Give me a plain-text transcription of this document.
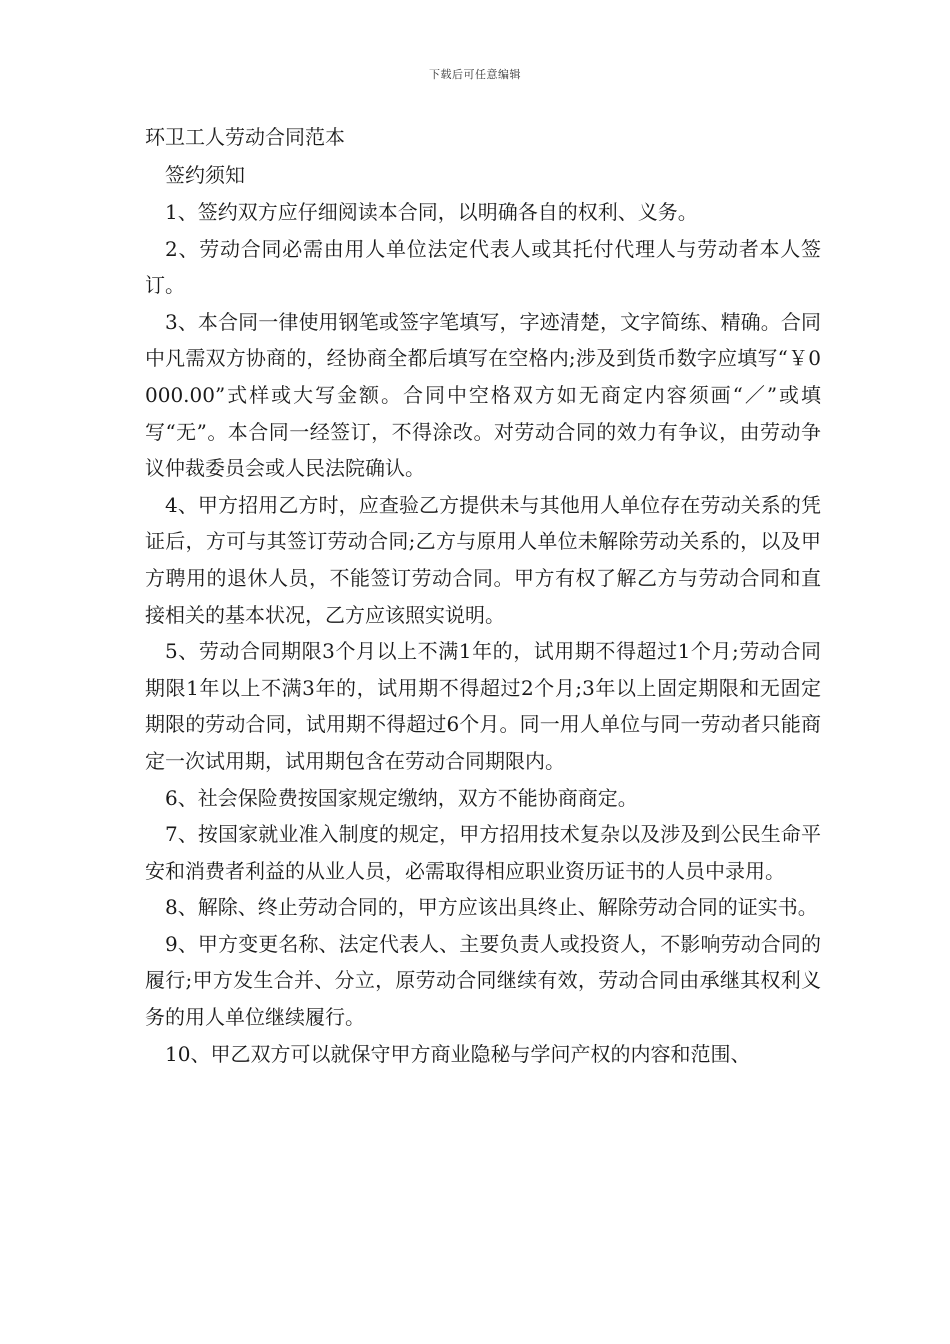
下载后可任意编辑
环卫工人劳动合同范本
签约须知

1、签约双方应仔细阅读本合同，以明确各自的权利、义务。

2、劳动合同必需由用人单位法定代表人或其托付代理人与劳动者本人签订。

3、本合同一律使用钢笔或签字笔填写，字迹清楚，文字简练、精确。合同中凡需双方协商的，经协商全都后填写在空格内;涉及到货币数字应填写“￥0000.00”式样或大写金额。合同中空格双方如无商定内容须画“／”或填写“无”。本合同一经签订，不得涂改。对劳动合同的效力有争议，由劳动争议仲裁委员会或人民法院确认。

4、甲方招用乙方时，应查验乙方提供未与其他用人单位存在劳动关系的凭证后，方可与其签订劳动合同;乙方与原用人单位未解除劳动关系的，以及甲方聘用的退休人员，不能签订劳动合同。甲方有权了解乙方与劳动合同和直接相关的基本状况，乙方应该照实说明。

5、劳动合同期限3个月以上不满1年的，试用期不得超过1个月;劳动合同期限1年以上不满3年的，试用期不得超过2个月;3年以上固定期限和无固定期限的劳动合同，试用期不得超过6个月。同一用人单位与同一劳动者只能商定一次试用期，试用期包含在劳动合同期限内。

6、社会保险费按国家规定缴纳，双方不能协商商定。

7、按国家就业准入制度的规定，甲方招用技术复杂以及涉及到公民生命平安和消费者利益的从业人员，必需取得相应职业资历证书的人员中录用。

8、解除、终止劳动合同的，甲方应该出具终止、解除劳动合同的证实书。

9、甲方变更名称、法定代表人、主要负责人或投资人，不影响劳动合同的履行;甲方发生合并、分立，原劳动合同继续有效，劳动合同由承继其权利义务的用人单位继续履行。

10、甲乙双方可以就保守甲方商业隐秘与学问产权的内容和范围、
